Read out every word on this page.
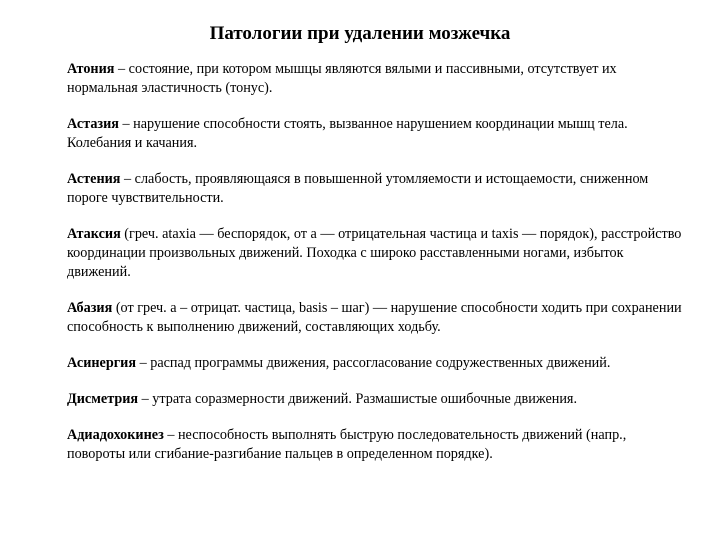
Патологии при удалении мозжечка

Атония – состояние, при котором мышцы являются вялыми и пассивными, отсутствует их нормальная эластичность (тонус).

Астазия – нарушение способности стоять, вызванное нарушением координации мышц тела. Колебания и качания.

Астения – слабость, проявляющаяся в повышенной утомляемости и истощаемости, сниженном пороге чувствительности.

Атаксия (греч. ataxia — беспорядок, от а — отрицательная частица и taxis — порядок), расстройство координации произвольных движений. Походка с широко расставленными ногами, избыток движений.

Абазия (от греч. а – отрицат. частица, basis – шаг) — нарушение способности ходить при сохранении способность к выполнению движений, составляющих ходьбу.

Асинергия – распад программы движения, рассогласование содружественных движений.

Дисметрия – утрата соразмерности движений. Размашистые ошибочные движения.

Адиадохокинез – неспособность выполнять быструю последовательность движений (напр., повороты или сгибание-разгибание пальцев в определенном порядке).
